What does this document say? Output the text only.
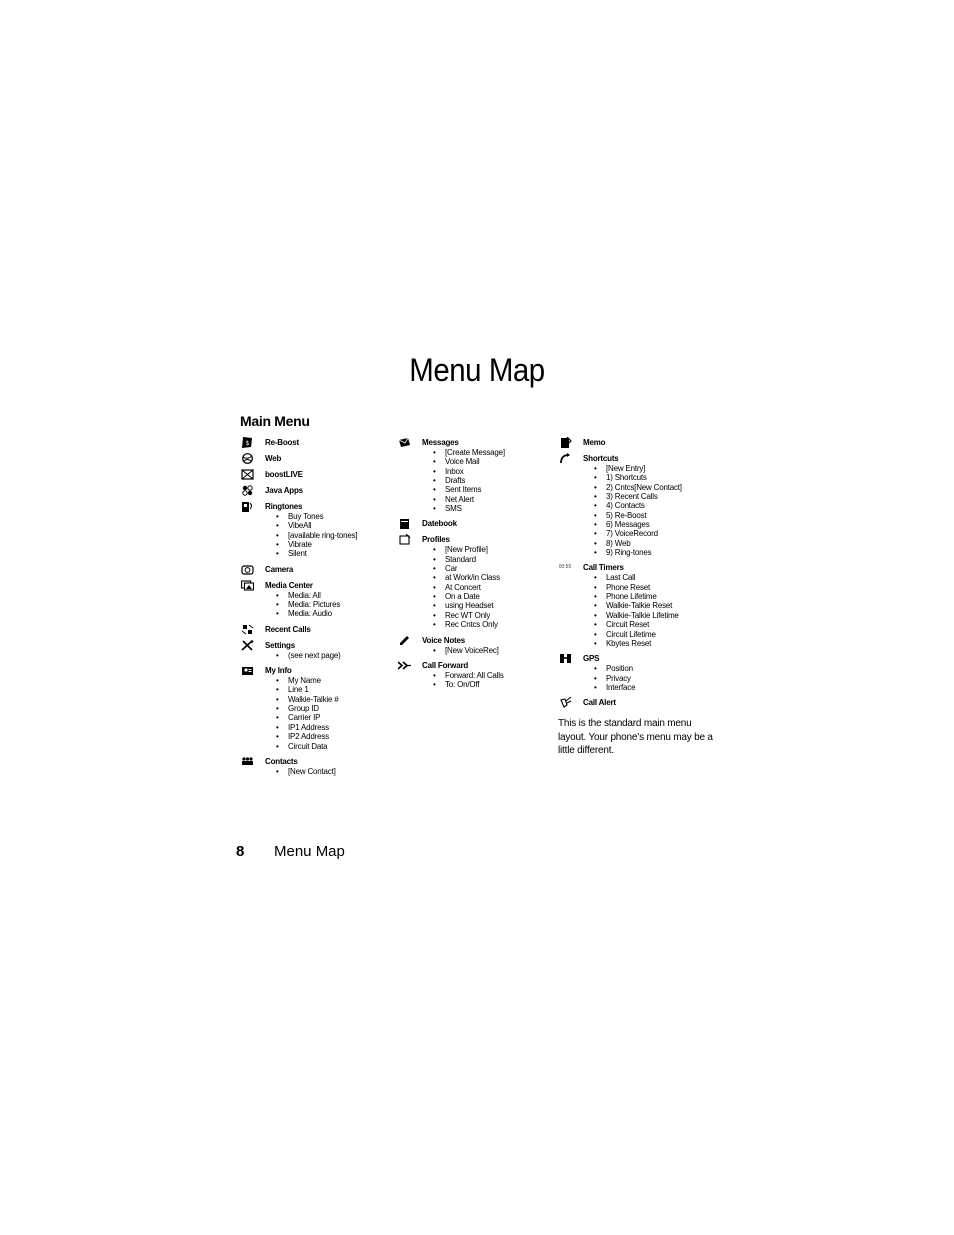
Menu Map
Main Menu
$ Re-Boost
Web
boostLIVE
Java Apps
Ringtones
• Buy Tones
• VibeAll
• [available ring-tones]
• Vibrate
• Silent
Camera
Media Center
• Media: All
• Media: Pictures
• Media: Audio
Recent Calls
Settings
• (see next page)
My Info
• My Name
• Line 1
• Walkie-Talkie #
• Group ID
• Carrier IP
• IP1 Address
• IP2 Address
• Circuit Data
Contacts
• [New Contact]
Messages
• [Create Message]
• Voice Mail
• Inbox
• Drafts
• Sent Items
• Net Alert
• SMS
Datebook
Profiles
• [New Profile]
• Standard
• Car
• at Work/in Class
• At Concert
• On a Date
• using Headset
• Rec WT Only
• Rec Cntcs Only
Voice Notes
• [New VoiceRec]
Call Forward
• Forward: All Calls
• To: On/Off
Memo
Shortcuts
• [New Entry]
• 1) Shortcuts
• 2) Cntcs[New Contact]
• 3) Recent Calls
• 4) Contacts
• 5) Re-Boost
• 6) Messages
• 7) VoiceRecord
• 8) Web
• 9) Ring-tones
00:55 Call Timers
• Last Call
• Phone Reset
• Phone Lifetime
• Walkie-Talkie Reset
• Walkie-Talkie Lifetime
• Circuit Reset
• Circuit Lifetime
• Kbytes Reset
GPS
• Position
• Privacy
• Interface
Call Alert
This is the standard main menu layout. Your phone’s menu may be a little different.
8	Menu Map
